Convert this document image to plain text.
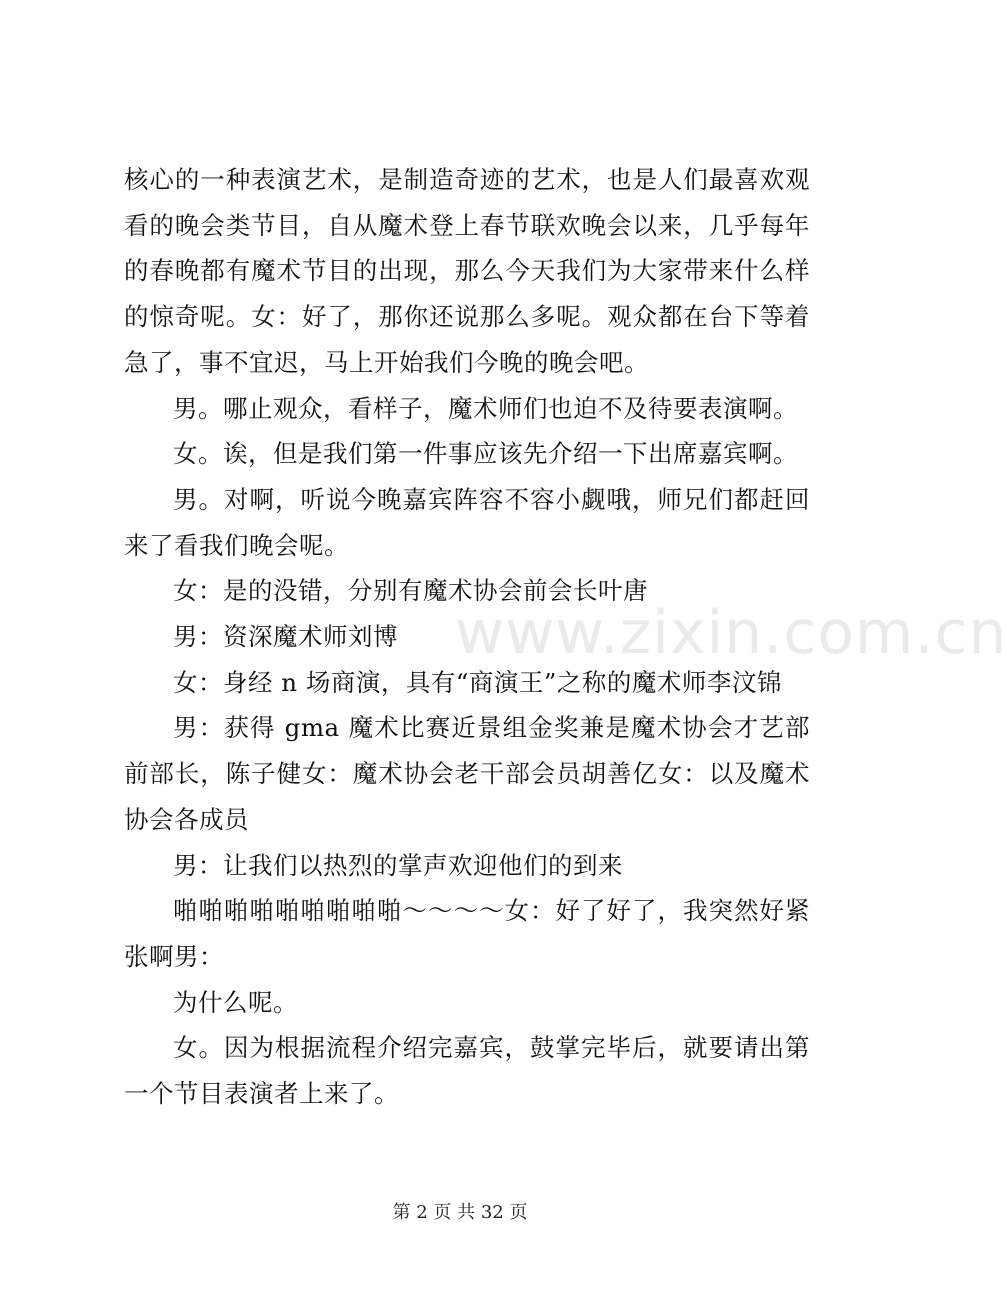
核心的一种表演艺术，是制造奇迹的艺术，也是人们最喜欢观看的晚会类节目，自从魔术登上春节联欢晚会以来，几乎每年的春晚都有魔术节目的出现，那么今天我们为大家带来什么样的惊奇呢。女：好了，那你还说那么多呢。观众都在台下等着急了，事不宜迟，马上开始我们今晚的晚会吧。

男。哪止观众，看样子，魔术师们也迫不及待要表演啊。

女。诶，但是我们第一件事应该先介绍一下出席嘉宾啊。

男。对啊，听说今晚嘉宾阵容不容小觑哦，师兄们都赶回来了看我们晚会呢。

女：是的没错，分别有魔术协会前会长叶唐

男：资深魔术师刘博

女：身经 n 场商演，具有“商演王”之称的魔术师李汶锦

男：获得 gma 魔术比赛近景组金奖兼是魔术协会才艺部前部长，陈子健女：魔术协会老干部会员胡善亿女：以及魔术协会各成员

男：让我们以热烈的掌声欢迎他们的到来

啪啪啪啪啪啪啪啪啪～～～～女：好了好了，我突然好紧张啊男：

为什么呢。

女。因为根据流程介绍完嘉宾，鼓掌完毕后，就要请出第一个节目表演者上来了。

www.zixin.com.cn
第 2 页 共 32 页
